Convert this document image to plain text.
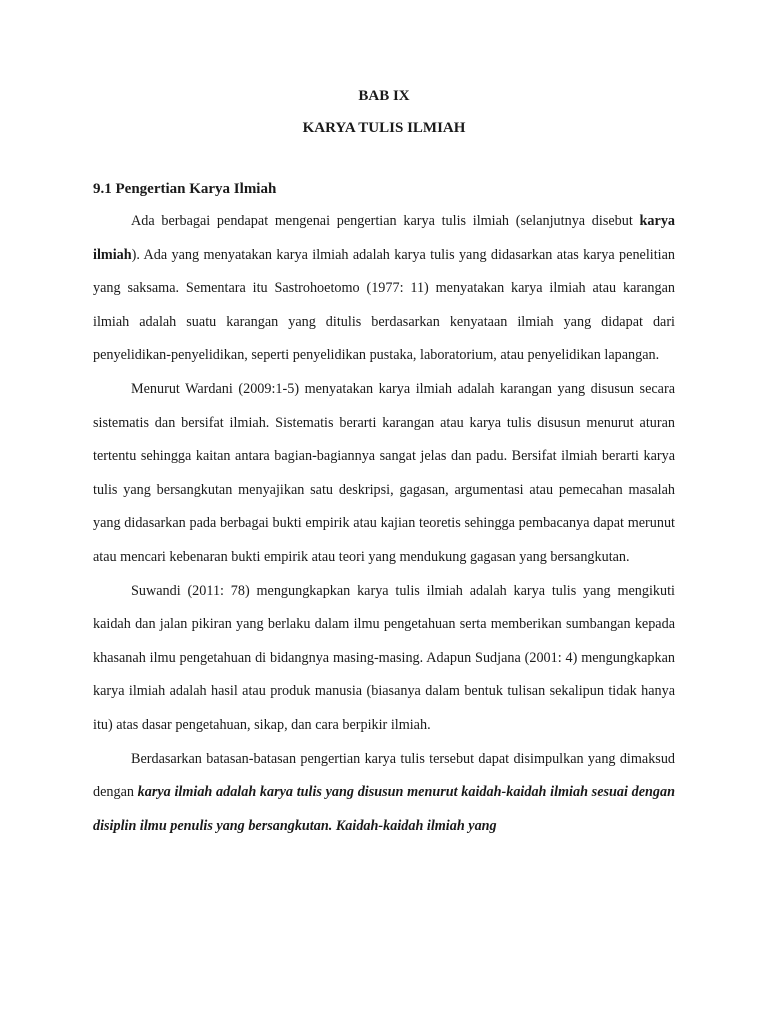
BAB IX
KARYA TULIS ILMIAH
9.1 Pengertian Karya Ilmiah

Ada berbagai pendapat mengenai pengertian karya tulis ilmiah (selanjutnya disebut karya ilmiah). Ada yang menyatakan karya ilmiah adalah karya tulis yang didasarkan atas karya penelitian yang saksama. Sementara itu Sastrohoetomo (1977: 11) menyatakan karya ilmiah atau karangan ilmiah adalah suatu karangan yang ditulis berdasarkan kenyataan ilmiah yang didapat dari penyelidikan-penyelidikan, seperti penyelidikan pustaka, laboratorium, atau penyelidikan lapangan.

Menurut Wardani (2009:1-5) menyatakan karya ilmiah adalah karangan yang disusun secara sistematis dan bersifat ilmiah. Sistematis berarti karangan atau karya tulis disusun menurut aturan tertentu sehingga kaitan antara bagian-bagiannya sangat jelas dan padu. Bersifat ilmiah berarti karya tulis yang bersangkutan menyajikan satu deskripsi, gagasan, argumentasi atau pemecahan masalah yang didasarkan pada berbagai bukti empirik atau kajian teoretis sehingga pembacanya dapat merunut atau mencari kebenaran bukti empirik atau teori yang mendukung gagasan yang bersangkutan.

Suwandi (2011: 78) mengungkapkan karya tulis ilmiah adalah karya tulis yang mengikuti kaidah dan jalan pikiran yang berlaku dalam ilmu pengetahuan serta memberikan sumbangan kepada khasanah ilmu pengetahuan di bidangnya masing-masing. Adapun Sudjana (2001: 4) mengungkapkan karya ilmiah adalah hasil atau produk manusia (biasanya dalam bentuk tulisan sekalipun tidak hanya itu) atas dasar pengetahuan, sikap, dan cara berpikir ilmiah.

Berdasarkan batasan-batasan pengertian karya tulis tersebut dapat disimpulkan yang dimaksud dengan karya ilmiah adalah karya tulis yang disusun menurut kaidah-kaidah ilmiah sesuai dengan disiplin ilmu penulis yang bersangkutan. Kaidah-kaidah ilmiah yang
